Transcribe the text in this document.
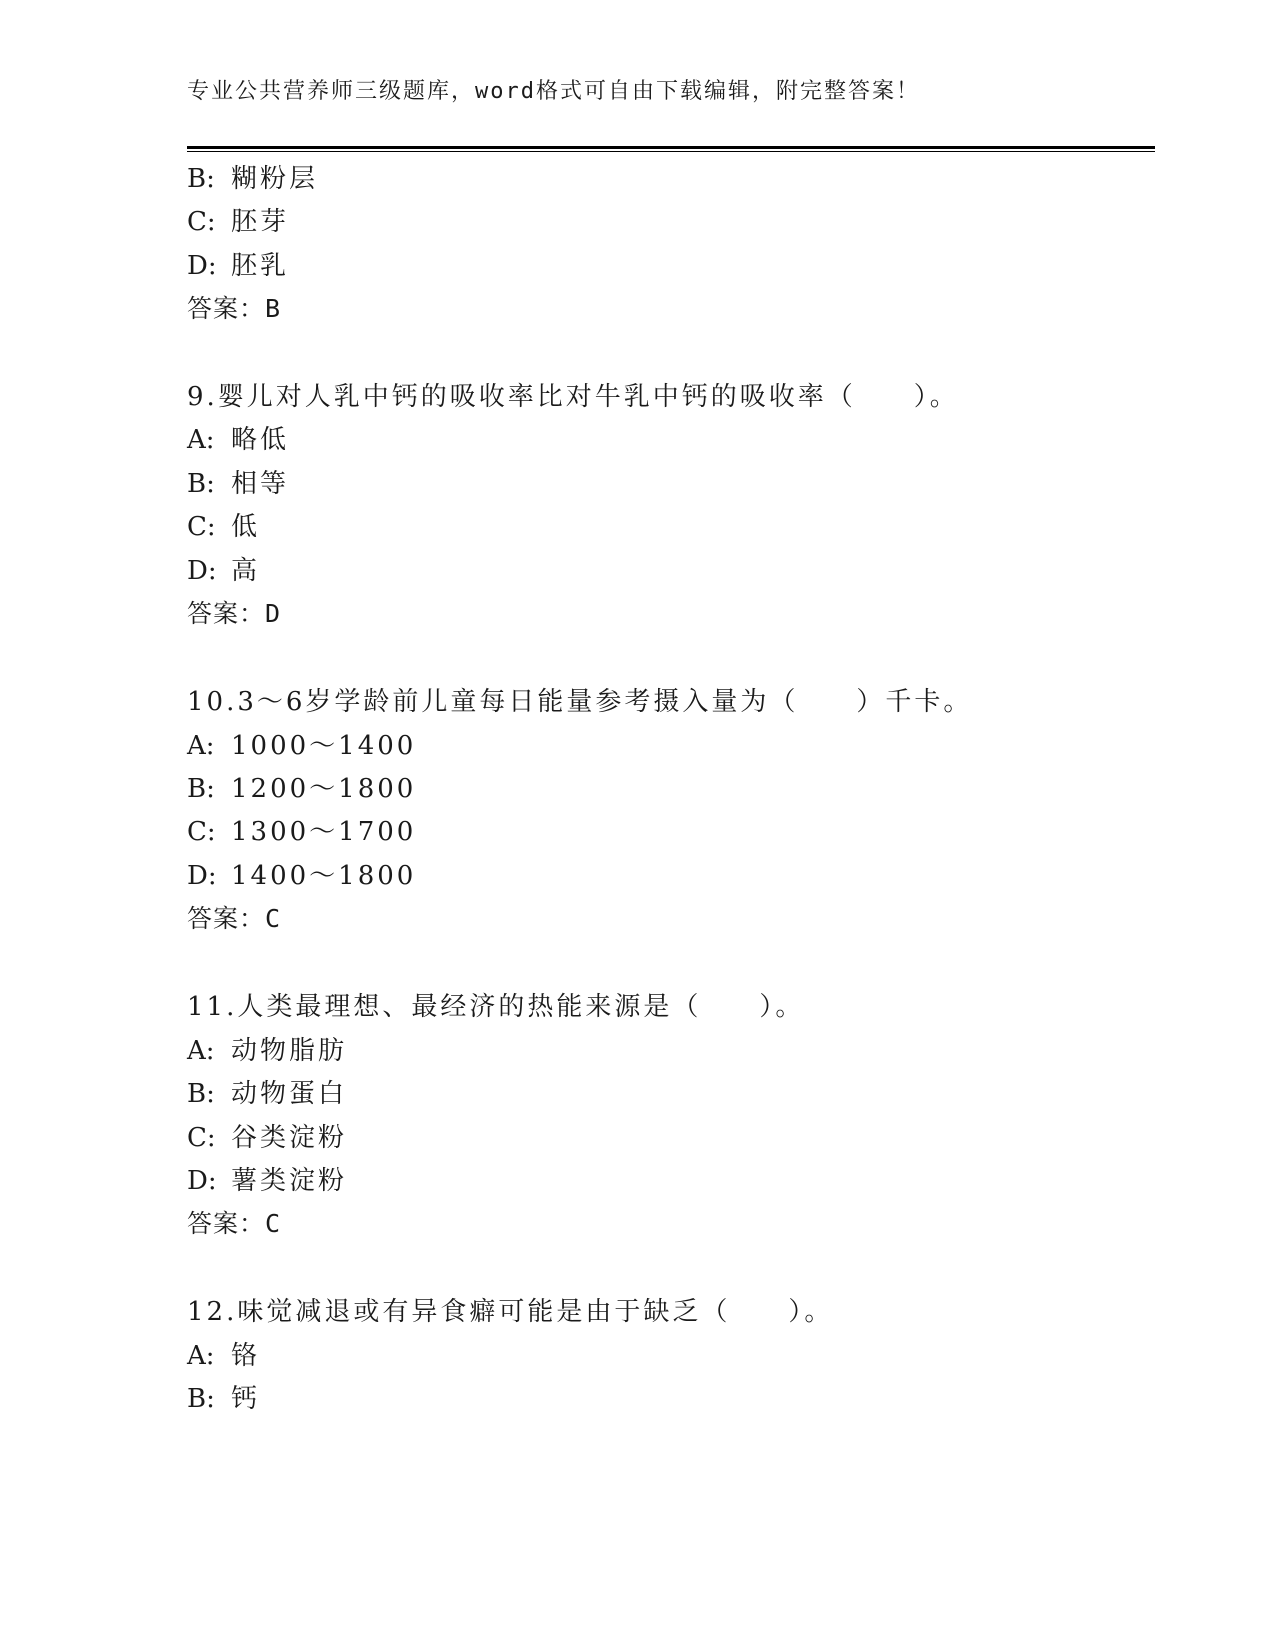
专业公共营养师三级题库，word格式可自由下载编辑，附完整答案！
B: 糊粉层
C: 胚芽
D: 胚乳
答案：B
9.婴儿对人乳中钙的吸收率比对牛乳中钙的吸收率（　　）。
A: 略低
B: 相等
C: 低
D: 高
答案：D
10.3～6岁学龄前儿童每日能量参考摄入量为（　　）千卡。
A: 1000～1400
B: 1200～1800
C: 1300～1700
D: 1400～1800
答案：C
11.人类最理想、最经济的热能来源是（　　）。
A: 动物脂肪
B: 动物蛋白
C: 谷类淀粉
D: 薯类淀粉
答案：C
12.味觉减退或有异食癖可能是由于缺乏（　　）。
A: 铬
B: 钙
